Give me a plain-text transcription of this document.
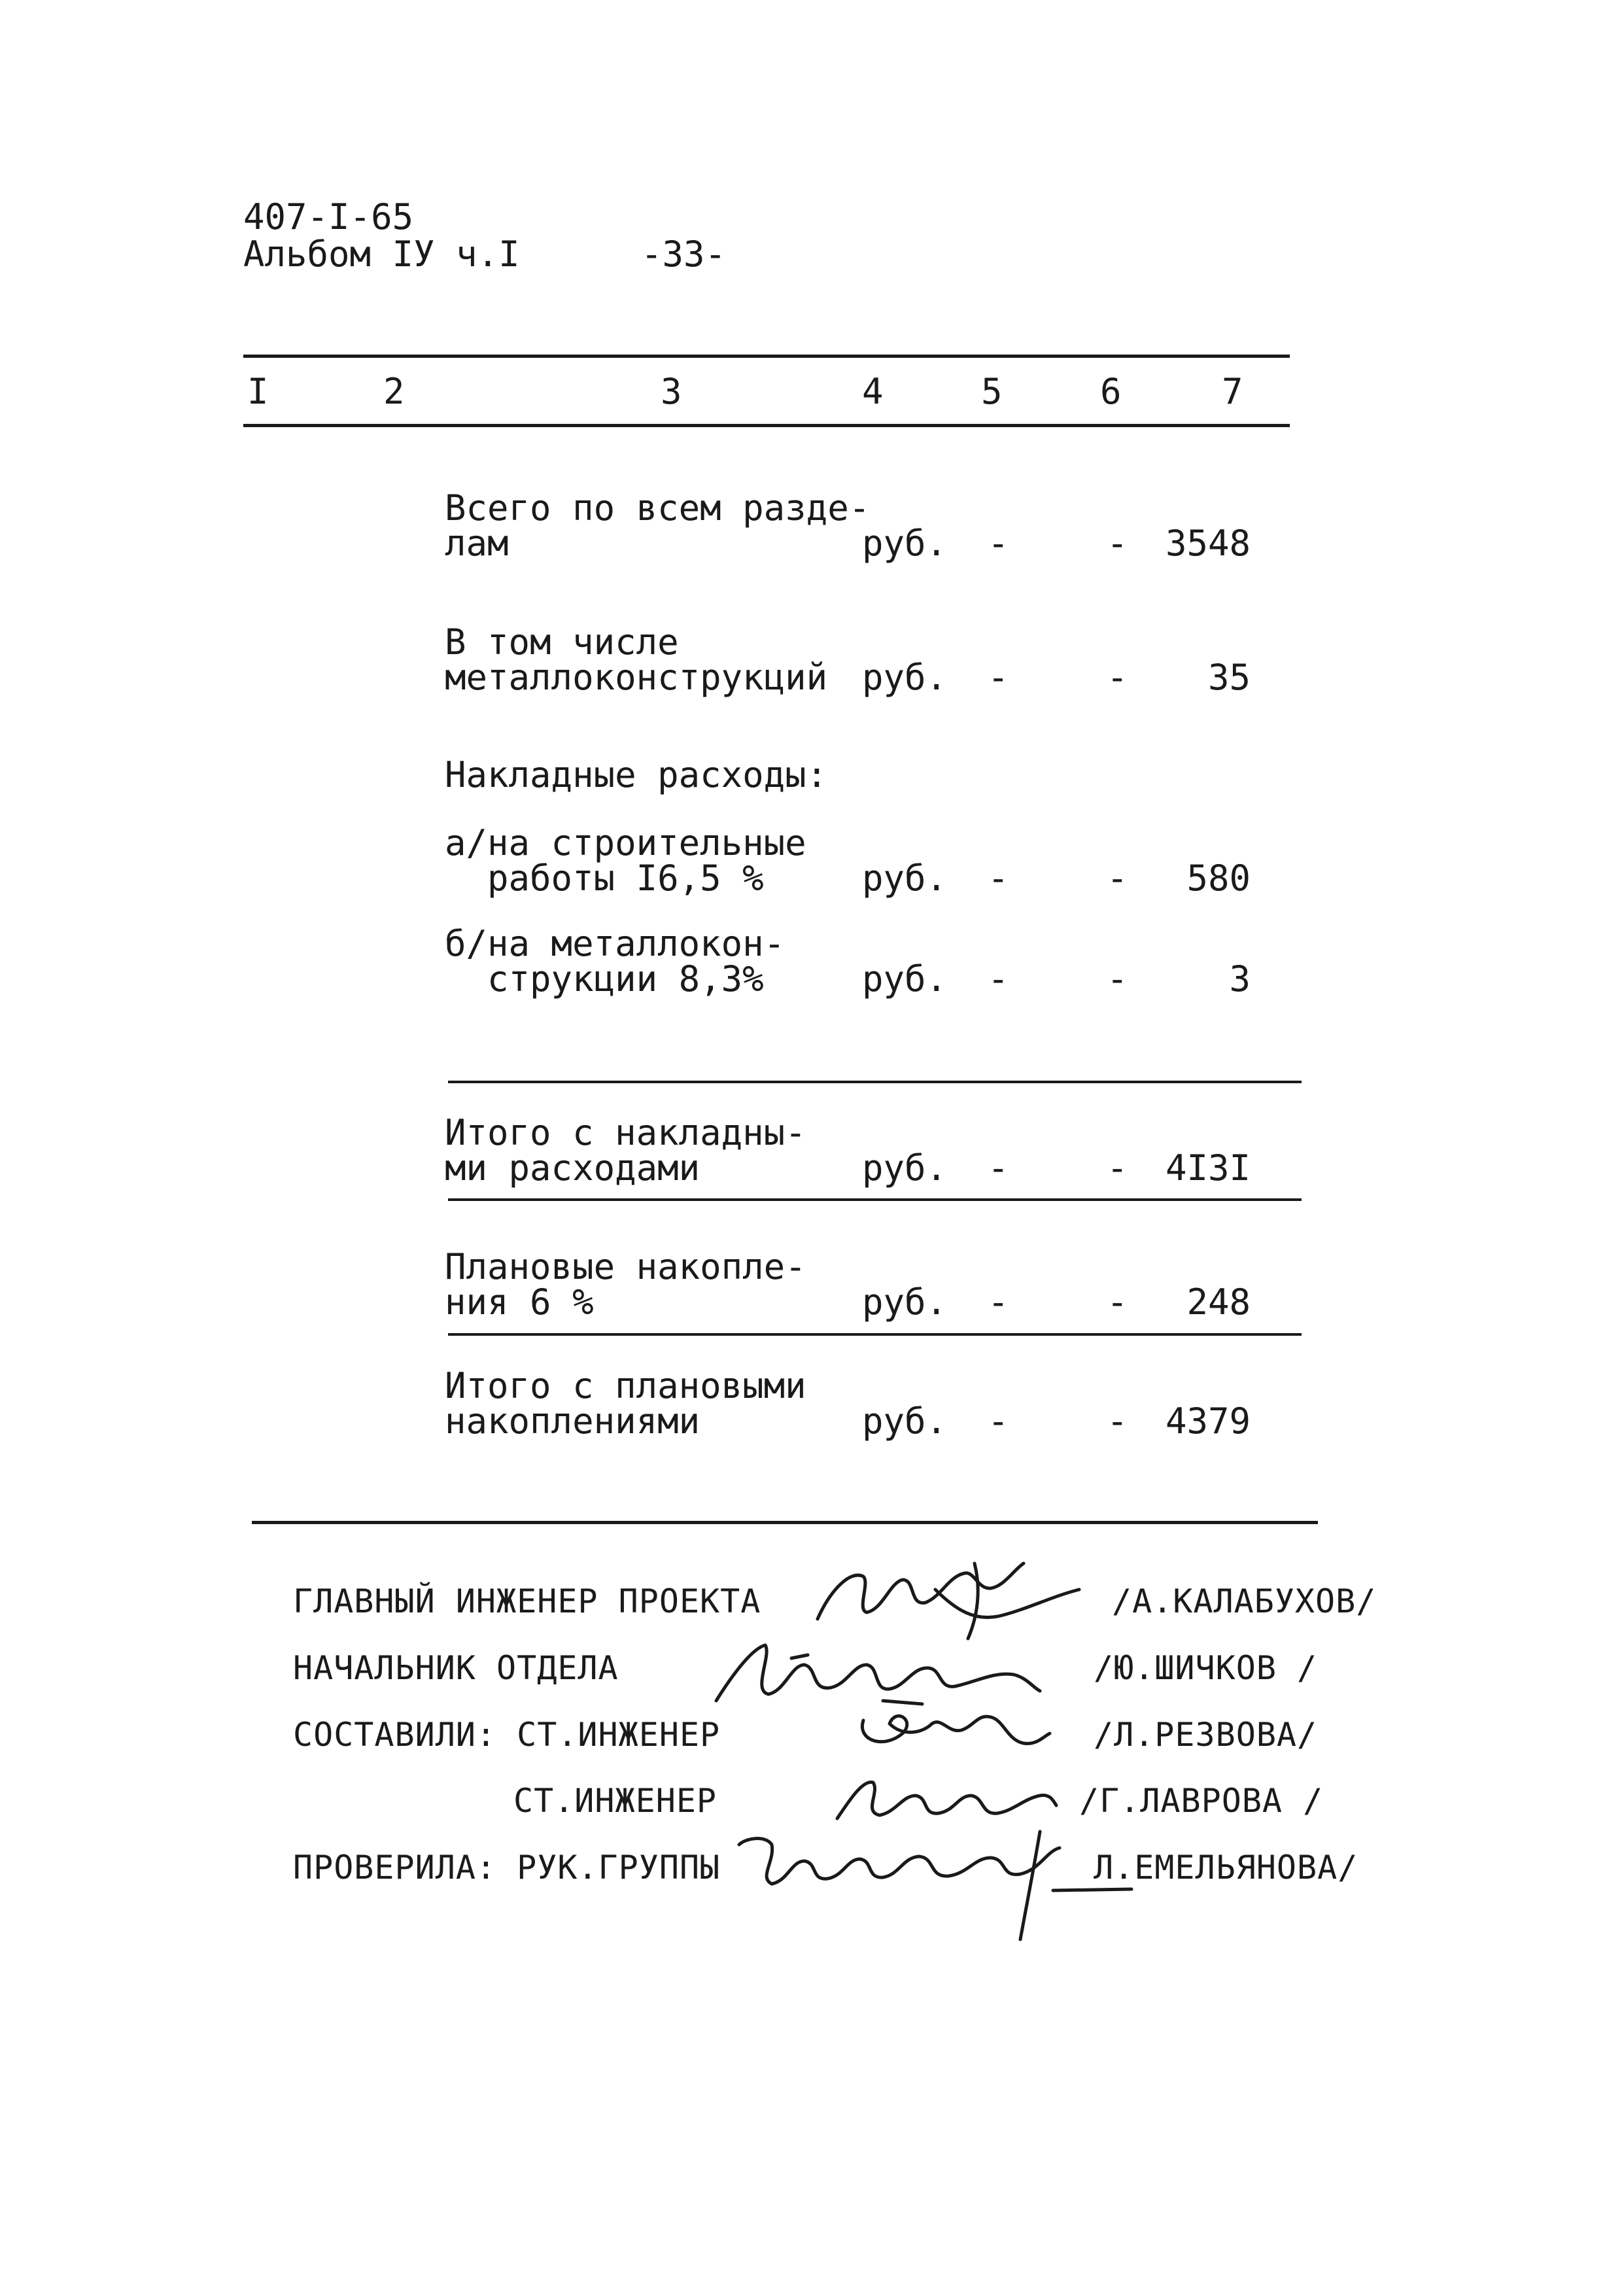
407-I-65
Альбом IУ ч.I	-33-
I	2	3	4	5	6	7
Всего по всем разде-
лам	руб. -	-	3548
В том числе
металлоконструкций руб. -	-	35
Накладные расходы:
а/на строительные
работы I6,5 %	руб. -	-	580
б/на металлокон-
струкции 8,3%	руб. -	-	3
Итого с накладны-
ми расходами	руб. -	-	4I3I
Плановые накопле-
ния 6 %	руб. -	-	248
Итого с плановыми
накоплениями	руб. -	-	4379
ГЛАВНЫЙ ИНЖЕНЕР ПРОЕКТА	/А.КАЛАБУХОВ/
НАЧАЛЬНИК ОТДЕЛА	/Ю.ШИЧКОВ /
СОСТАВИЛИ: СТ.ИНЖЕНЕР	/Л.РЕЗВОВА/
СТ.ИНЖЕНЕР	/Г.ЛАВРОВА /
ПРОВЕРИЛА: РУК.ГРУППЫ	Л.ЕМЕЛЬЯНОВА/
